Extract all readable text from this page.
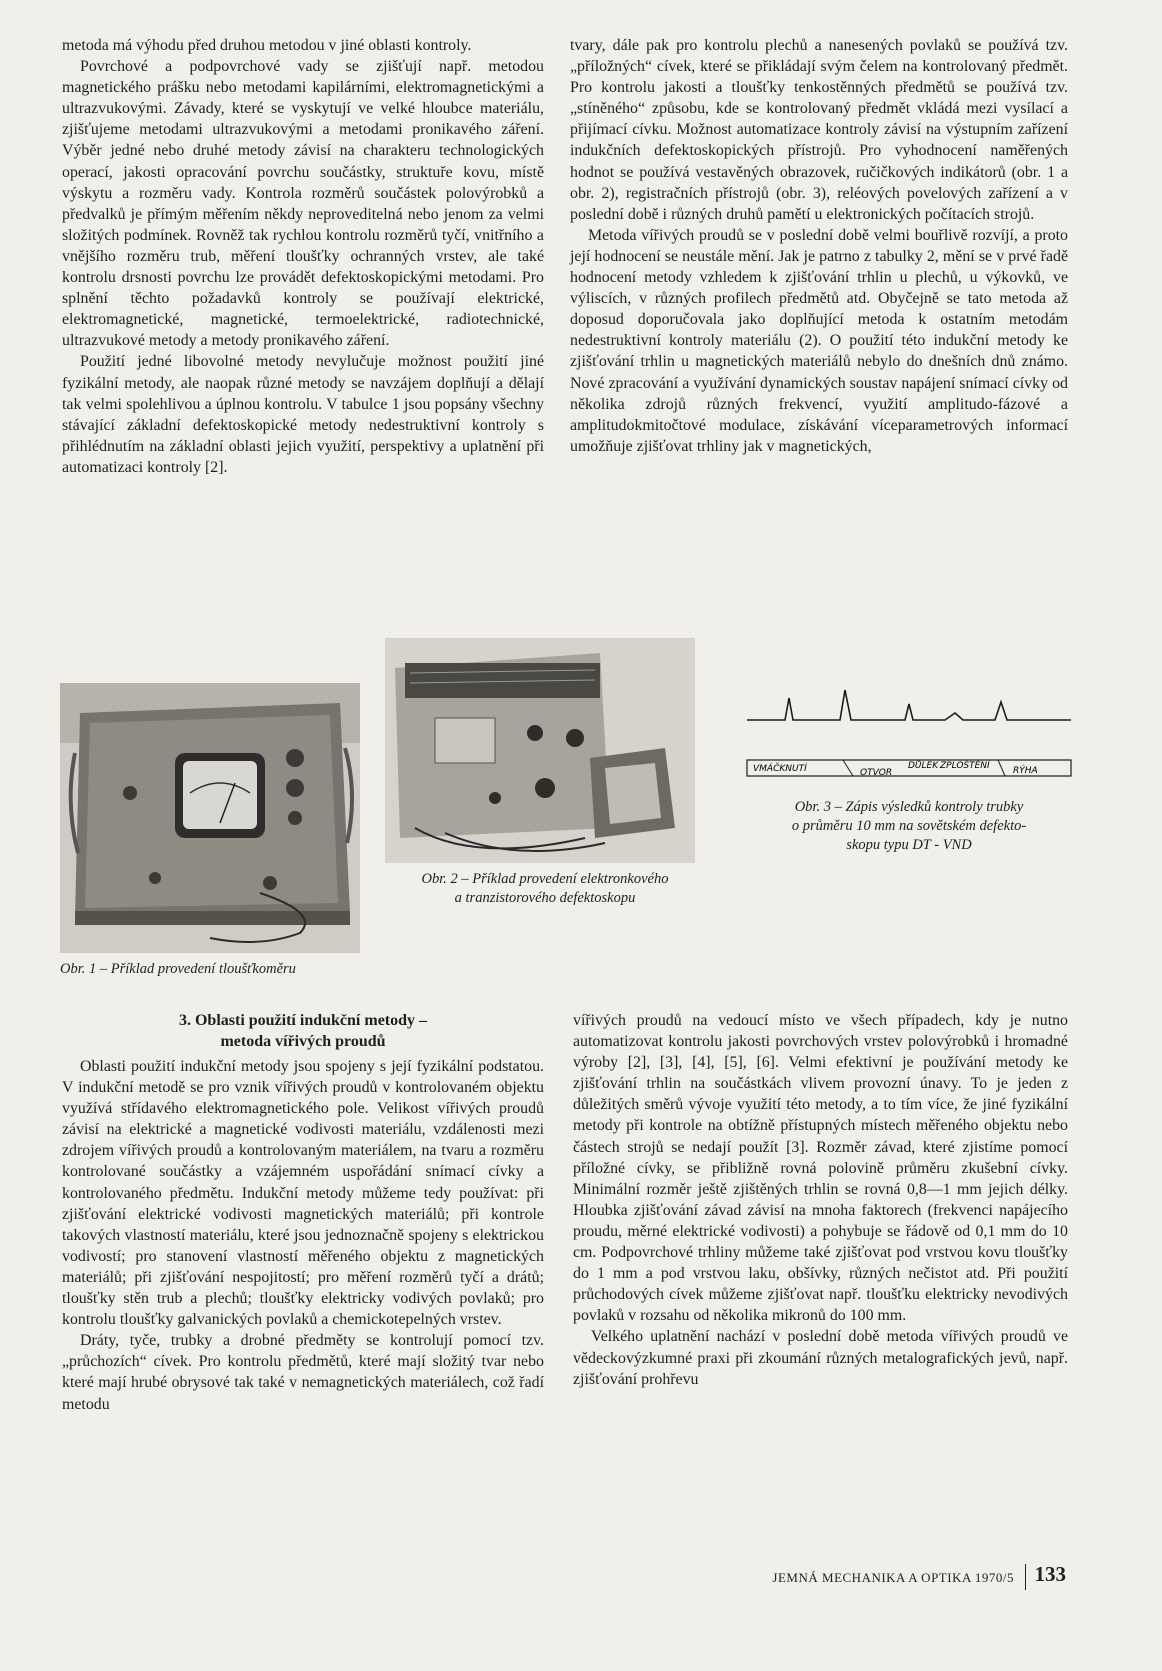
metoda má výhodu před druhou metodou v jiné oblasti kontroly.

Povrchové a podpovrchové vady se zjišťují např. metodou magnetického prášku nebo metodami kapilárními, elektromagnetickými a ultrazvukovými. Závady, které se vyskytují ve velké hloubce materiálu, zjišťujeme metodami ultrazvukovými a metodami pronikavého záření. Výběr jedné nebo druhé metody závisí na charakteru technologických operací, jakosti opracování povrchu součástky, struktuře kovu, místě výskytu a rozměru vady. Kontrola rozměrů součástek polovýrobků a předvalků je přímým měřením někdy neproveditelná nebo jenom za velmi složitých podmínek. Rovněž tak rychlou kontrolu rozměrů tyčí, vnitřního a vnějšího rozměru trub, měření tloušťky ochranných vrstev, ale také kontrolu drsnosti povrchu lze provádět defektoskopickými metodami. Pro splnění těchto požadavků kontroly se používají elektrické, elektromagnetické, magnetické, termoelektrické, radiotechnické, ultrazvukové metody a metody pronikavého záření.

Použití jedné libovolné metody nevylučuje možnost použití jiné fyzikální metody, ale naopak různé metody se navzájem doplňují a dělají tak velmi spolehlivou a úplnou kontrolu. V tabulce 1 jsou popsány všechny stávající základní defektoskopické metody nedestruktivní kontroly s přihlédnutím na základní oblasti jejich využití, perspektivy a uplatnění při automatizaci kontroly [2].

tvary, dále pak pro kontrolu plechů a nanesených povlaků se používá tzv. „příložných“ cívek, které se přikládají svým čelem na kontrolovaný předmět. Pro kontrolu jakosti a tloušťky tenkostěnných předmětů se používá tzv. „stíněného“ způsobu, kde se kontrolovaný předmět vkládá mezi vysílací a přijímací cívku. Možnost automatizace kontroly závisí na výstupním zařízení indukčních defektoskopických přístrojů. Pro vyhodnocení naměřených hodnot se používá vestavěných obrazovek, ručičkových indikátorů (obr. 1 a obr. 2), registračních přístrojů (obr. 3), reléových povelových zařízení a v poslední době i různých druhů pamětí u elektronických počítacích strojů.

Metoda vířivých proudů se v poslední době velmi bouřlivě rozvíjí, a proto její hodnocení se neustále mění. Jak je patrno z tabulky 2, mění se v prvé řadě hodnocení metody vzhledem k zjišťování trhlin u plechů, u výkovků, ve výliscích, v různých profilech předmětů atd. Obyčejně se tato metoda až doposud doporučovala jako doplňující metoda k ostatním metodám nedestruktivní kontroly materiálu (2). O použití této indukční metody ke zjišťování trhlin u magnetických materiálů nebylo do dnešních dnů známo. Nové zpracování a využívání dynamických soustav napájení snímací cívky od několika zdrojů různých frekvencí, využití amplitudo-fázové a amplitudokmitočtové modulace, získávání víceparametrových informací umožňuje zjišťovat trhliny jak v magnetických,

Obr. 1 – Příklad provedení tloušťkoměru
Obr. 2 – Příklad provedení elektronkového
a tranzistorového defektoskopu
VMÁČKNUTÍ	OTVOR
DŮLEK ZPLOŠTĚNÍ	RÝHA
Obr. 3 – Zápis výsledků kontroly trubky
o průměru 10 mm na sovětském defekto-
skopu typu DT - VND
3. Oblasti použití indukční metody –
metoda vířivých proudů

Oblasti použití indukční metody jsou spojeny s její fyzikální podstatou. V indukční metodě se pro vznik vířivých proudů v kontrolovaném objektu využívá střídavého elektromagnetického pole. Velikost vířivých proudů závisí na elektrické a magnetické vodivosti materiálu, vzdálenosti mezi zdrojem vířivých proudů a kontrolovaným materiálem, na tvaru a rozměru kontrolované součástky a vzájemném uspořádání snímací cívky a kontrolovaného předmětu. Indukční metody můžeme tedy používat: při zjišťování elektrické vodivosti magnetických materiálů; při kontrole takových vlastností materiálu, které jsou jednoznačně spojeny s elektrickou vodivostí; pro stanovení vlastností měřeného objektu z magnetických materiálů; při zjišťování nespojitostí; pro měření rozměrů tyčí a drátů; tloušťky stěn trub a plechů; tloušťky elektricky vodivých povlaků; pro kontrolu tloušťky galvanických povlaků a chemickotepelných vrstev.

Dráty, tyče, trubky a drobné předměty se kontrolují pomocí tzv. „průchozích“ cívek. Pro kontrolu předmětů, které mají složitý tvar nebo které mají hrubé obrysové tak také v nemagnetických materiálech, což řadí metodu

vířivých proudů na vedoucí místo ve všech případech, kdy je nutno automatizovat kontrolu jakosti povrchových vrstev polovýrobků i hromadné výroby [2], [3], [4], [5], [6]. Velmi efektivní je používání metody ke zjišťování trhlin na součástkách vlivem provozní únavy. To je jeden z důležitých směrů vývoje využití této metody, a to tím více, že jiné fyzikální metody při kontrole na obtížně přístupných místech měřeného objektu nebo částech strojů se nedají použít [3]. Rozměr závad, které zjistíme pomocí příložné cívky, se přibližně rovná polovině průměru zkušební cívky. Minimální rozměr ještě zjištěných trhlin se rovná 0,8—1 mm jejich délky. Hloubka zjišťování závad závisí na mnoha faktorech (frekvenci napájecího proudu, měrné elektrické vodivosti) a pohybuje se řádově od 0,1 mm do 10 cm. Podpovrchové trhliny můžeme také zjišťovat pod vrstvou kovu tloušťky do 1 mm a pod vrstvou laku, obšívky, různých nečistot atd. Při použití průchodových cívek můžeme zjišťovat např. tloušťku elektricky nevodivých povlaků v rozsahu od několika mikronů do 100 mm.

Velkého uplatnění nachází v poslední době metoda vířivých proudů ve vědeckovýzkumné praxi při zkoumání různých metalografických jevů, např. zjišťování prohřevu

JEMNÁ MECHANIKA A OPTIKA 1970/5 133
